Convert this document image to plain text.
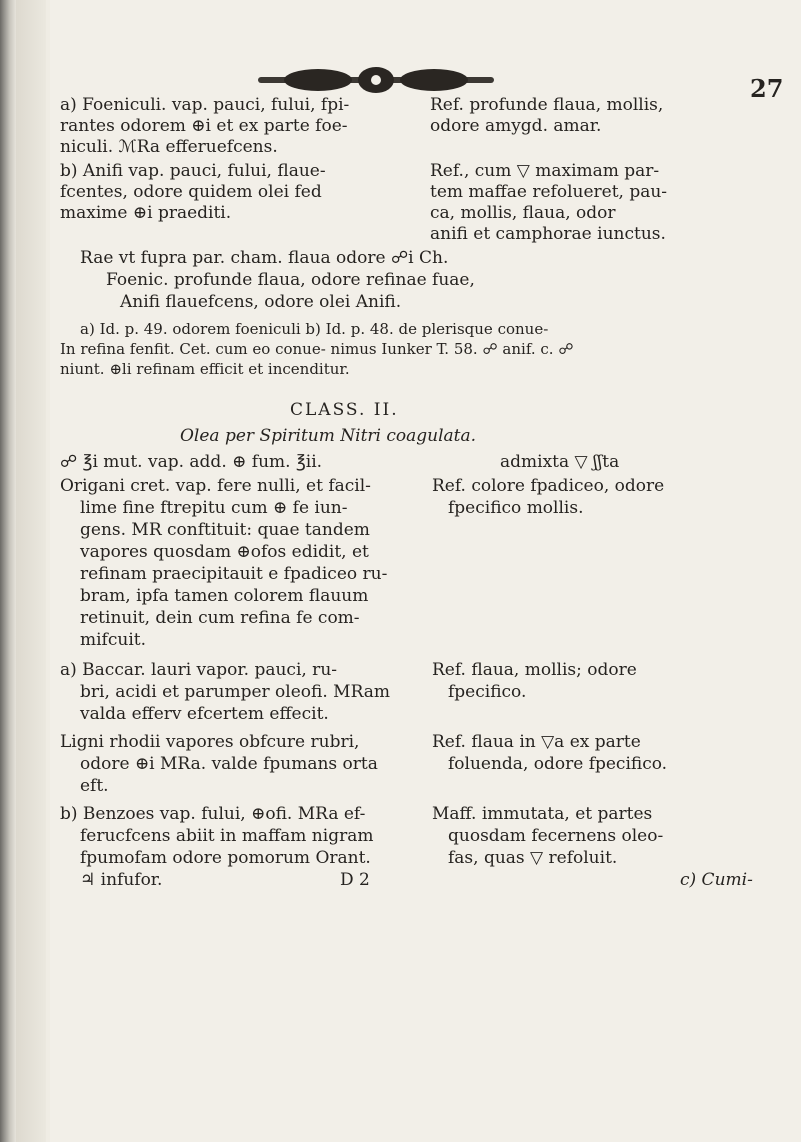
27
a) Foeniculi. vap. pauci, fului, fpi-
rantes odorem ⊕i et ex parte foe-
niculi. ℳRa efferuefcens.
b) Anifi vap. pauci, fului, flaue-
fcentes, odore quidem olei fed
maxime ⊕i praediti.
Ref. profunde flaua, mollis,
odore amygd. amar.
Ref., cum ▽ maximam par-
tem maffae refolueret, pau-
ca, mollis, flaua, odor
anifi et camphorae iunctus.
Rae vt fupra par. cham. flaua odore ☍i Ch.
Foenic. profunde flaua, odore refinae fuae,
Anifi flauefcens, odore olei Anifi.
a) Id. p. 49. odorem foeniculi b) Id. p. 48. de plerisque conue-
In refina fenfit. Cet. cum eo conue- nimus Iunker T. 58. ☍ anif. c. ☍
niunt. ⊕li refinam efficit et incenditur.
CLASS. II.
Olea per Spiritum Nitri coagulata.
☍ ℥i mut. vap. add. ⊕ fum. ℥ii.	admixta ▽ ʃʃta
Origani cret. vap. fere nulli, et facil-
lime fine ftrepitu cum ⊕ fe iun-
gens. MR conftituit: quae tandem
vapores quosdam ⊕ofos edidit, et
refinam praecipitauit e fpadiceo ru-
bram, ipfa tamen colorem flauum
retinuit, dein cum refina fe com-
mifcuit.
Ref. colore fpadiceo, odore
fpecifico mollis.
a) Baccar. lauri vapor. pauci, ru-
bri, acidi et parumper oleofi. MRam
valda efferv efcertem effecit.
Ref. flaua, mollis; odore
fpecifico.
Ligni rhodii vapores obfcure rubri,
odore ⊕i MRa. valde fpumans orta
eft.
Ref. flaua in ▽a ex parte
foluenda, odore fpecifico.
b) Benzoes vap. fului, ⊕ofi. MRa ef-
ferucfcens abiit in maffam nigram
fpumofam odore pomorum Orant.
♃ infufor.
Maff. immutata, et partes
quosdam fecernens oleo-
fas, quas ▽ refoluit.
D 2	c) Cumi-
